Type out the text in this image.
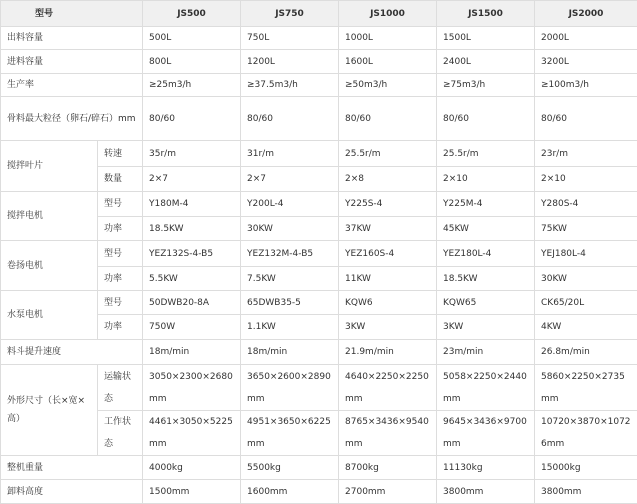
型号		JS500	JS750	JS1000	JS1500	JS2000
出料容量		500L	750L	1000L	1500L	2000L
进料容量		800L	1200L	1600L	2400L	3200L
生产率		≥25m3/h	≥37.5m3/h	≥50m3/h	≥75m3/h	≥100m3/h
骨料最大粒径（卵石/碎石）mm		80/60	80/60	80/60	80/60	80/60
搅拌叶片	转速	35r/m	31r/m	25.5r/m	25.5r/m	23r/m
	数量	2×7	2×7	2×8	2×10	2×10
搅拌电机	型号	Y180M-4	Y200L-4	Y225S-4	Y225M-4	Y280S-4
	功率	18.5KW	30KW	37KW	45KW	75KW
卷扬电机	型号	YEZ132S-4-B5	YEZ132M-4-B5	YEZ160S-4	YEZ180L-4	YEJ180L-4
	功率	5.5KW	7.5KW	11KW	18.5KW	30KW
水泵电机	型号	50DWB20-8A	65DWB35-5	KQW6	KQW65	CK65/20L
	功率	750W	1.1KW	3KW	3KW	4KW
料斗提升速度		18m/min	18m/min	21.9m/min	23m/min	26.8m/min
外形尺寸（长×宽×高）	运输状态	3050×2300×2680mm	3650×2600×2890mm	4640×2250×2250mm	5058×2250×2440mm	5860×2250×2735mm
	工作状态	4461×3050×5225mm	4951×3650×6225mm	8765×3436×9540mm	9645×3436×9700mm	10720×3870×10726mm
整机重量		4000kg	5500kg	8700kg	11130kg	15000kg
卸料高度		1500mm	1600mm	2700mm	3800mm	3800mm
